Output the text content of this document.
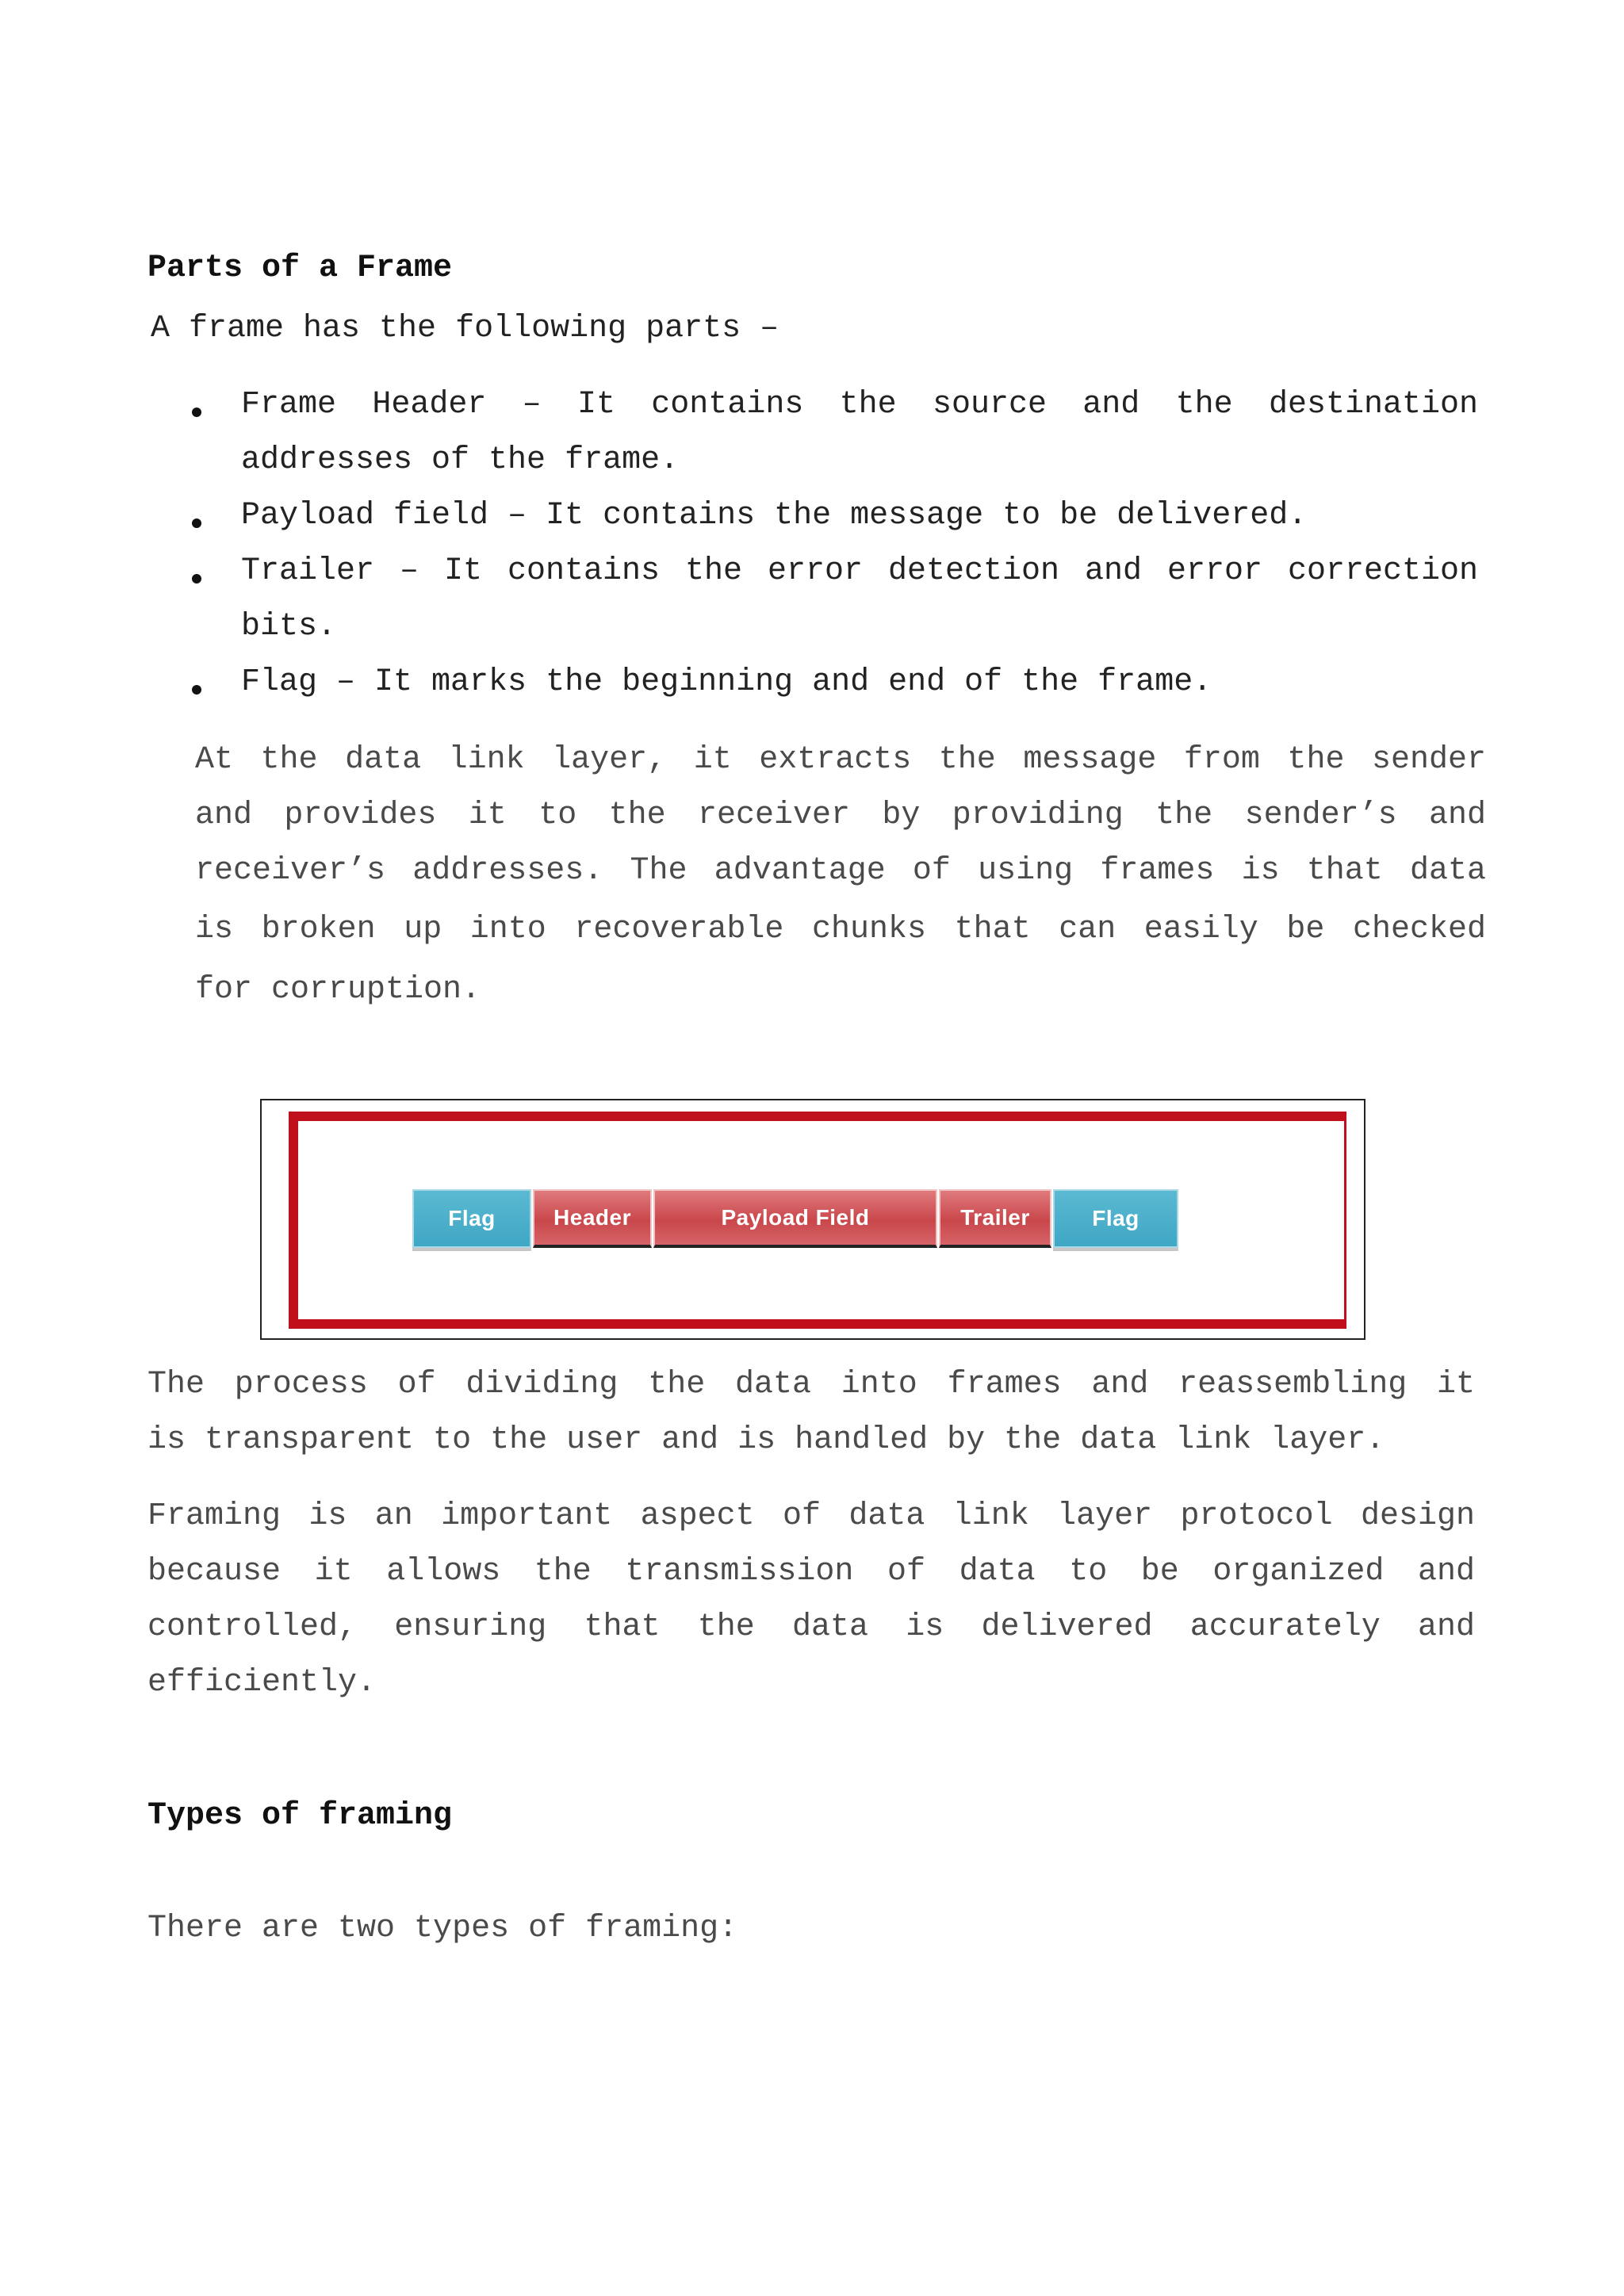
Parts of a Frame
A frame has the following parts –
Frame Header – It contains the source and the destination
addresses of the frame.
Payload field – It contains the message to be delivered.
Trailer – It contains the error detection and error correction
bits.
Flag – It marks the beginning and end of the frame.
At the data link layer, it extracts the message from the sender
and provides it to the receiver by providing the sender’s and
receiver’s addresses. The advantage of using frames is that data
is broken up into recoverable chunks that can easily be checked
for corruption.
Flag	Header	Payload Field	Trailer	Flag
The process of dividing the data into frames and reassembling it
is transparent to the user and is handled by the data link layer.
Framing is an important aspect of data link layer protocol design
because it allows the transmission of data to be organized and
controlled, ensuring that the data is delivered accurately and
efficiently.
Types of framing
There are two types of framing:
